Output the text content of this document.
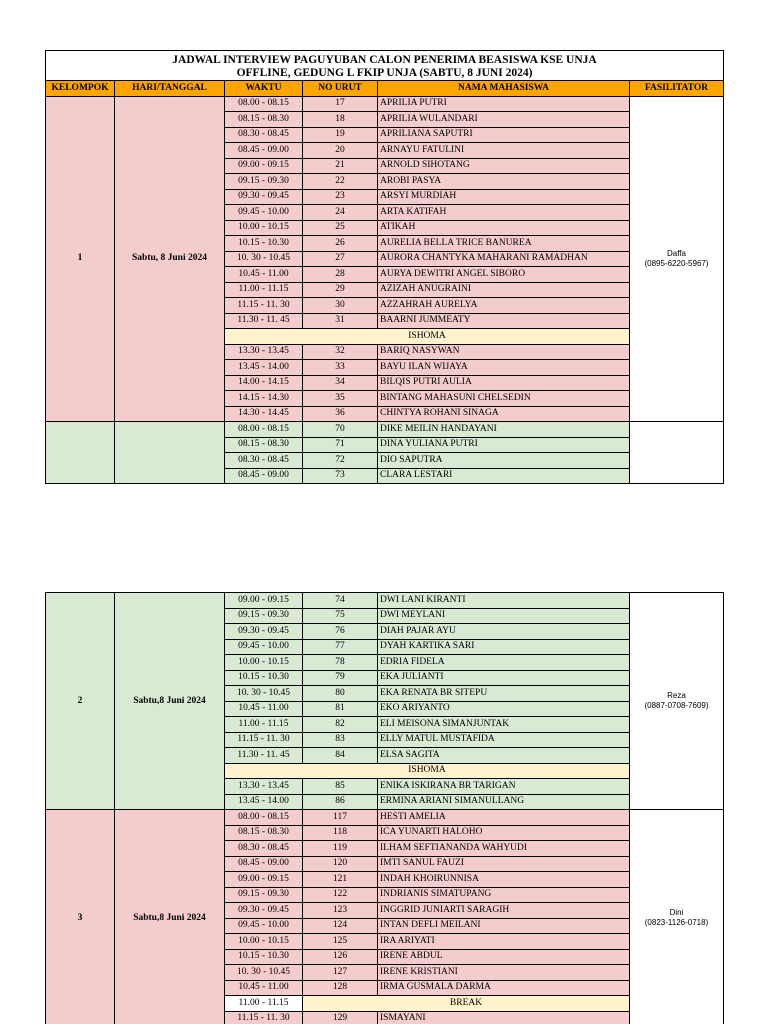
JADWAL INTERVIEW PAGUYUBAN CALON PENERIMA BEASISWA KSE UNJA
OFFLINE, GEDUNG L FKIP UNJA (SABTU, 8 JUNI 2024)					

KELOMPOK	HARI/TANGGAL	WAKTU	NO URUT	NAMA MAHASISWA	FASILITATOR
1	Sabtu, 8 Juni 2024	08.00 - 08.15	17	APRILIA PUTRI	Daffa
(0895-6220-5967)

		08.15 - 08.30	18	APRILIA WULANDARI	
		08.30 - 08.45	19	APRILIANA SAPUTRI	
		08.45 - 09.00	20	ARNAYU FATULINI	
		09.00 - 09.15	21	ARNOLD SIHOTANG	
		09.15 - 09.30	22	AROBI PASYA	
		09.30 - 09.45	23	ARSYI MURDIAH	
		09.45 - 10.00	24	ARTA KATIFAH	
		10.00 - 10.15	25	ATIKAH	
		10.15 - 10.30	26	AURELIA BELLA TRICE BANUREA	
		10. 30 - 10.45	27	AURORA CHANTYKA MAHARANI RAMADHAN	
		10.45 - 11.00	28	AURYA DEWITRI ANGEL SIBORO	
		11.00 - 11.15	29	AZIZAH ANUGRAINI	
		11.15 - 11. 30	30	AZZAHRAH AURELYA	
		11.30 - 11. 45	31	BAARNI JUMMEATY	
		ISHOMA			
		13.30 - 13.45	32	BARIQ NASYWAN	
		13.45 - 14.00	33	BAYU ILAN WIJAYA	
		14.00 - 14.15	34	BILQIS PUTRI AULIA	
		14.15 - 14.30	35	BINTANG MAHASUNI CHELSEDIN	
		14.30 - 14.45	36	CHINTYA ROHANI SINAGA	
		08.00 - 08.15	70	DIKE MEILIN HANDAYANI	
		08.15 - 08.30	71	DINA YULIANA PUTRI	
		08.30 - 08.45	72	DIO SAPUTRA	
		08.45 - 09.00	73	CLARA LESTARI	
2	Sabtu,8 Juni 2024	09.00 - 09.15	74	DWI LANI KIRANTI	Reza
(0887-0708-7609)

		09.15 - 09.30	75	DWI MEYLANI	
		09.30 - 09.45	76	DIAH PAJAR AYU	
		09.45 - 10.00	77	DYAH KARTIKA SARI	
		10.00 - 10.15	78	EDRIA FIDELA	
		10.15 - 10.30	79	EKA JULIANTI	
		10. 30 - 10.45	80	EKA RENATA BR SITEPU	
		10.45 - 11.00	81	EKO ARIYANTO	
		11.00 - 11.15	82	ELI MEISONA SIMANJUNTAK	
		11.15 - 11. 30	83	ELLY MATUL MUSTAFIDA	
		11.30 - 11. 45	84	ELSA SAGITA	
		ISHOMA			
		13.30 - 13.45	85	ENIKA ISKIRANA BR TARIGAN	
		13.45 - 14.00	86	ERMINA ARIANI SIMANULLANG	
3	Sabtu,8 Juni 2024	08.00 - 08.15	117	HESTI AMELIA	Dini
(0823-1126-0718)

		08.15 - 08.30	118	ICA YUNARTI HALOHO	
		08.30 - 08.45	119	ILHAM SEFTIANANDA WAHYUDI	
		08.45 - 09.00	120	IMTI SANUL FAUZI	
		09.00 - 09.15	121	INDAH KHOIRUNNISA	
		09.15 - 09.30	122	INDRIANIS SIMATUPANG	
		09.30 - 09.45	123	INGGRID JUNIARTI SARAGIH	
		09.45 - 10.00	124	INTAN DEFLI MEILANI	
		10.00 - 10.15	125	IRA ARIYATI	
		10.15 - 10.30	126	IRENE ABDUL	
		10. 30 - 10.45	127	IRENE KRISTIANI	
		10.45 - 11.00	128	IRMA GUSMALA DARMA	
		11.00 - 11.15	BREAK		
		11.15 - 11. 30	129	ISMAYANI	
